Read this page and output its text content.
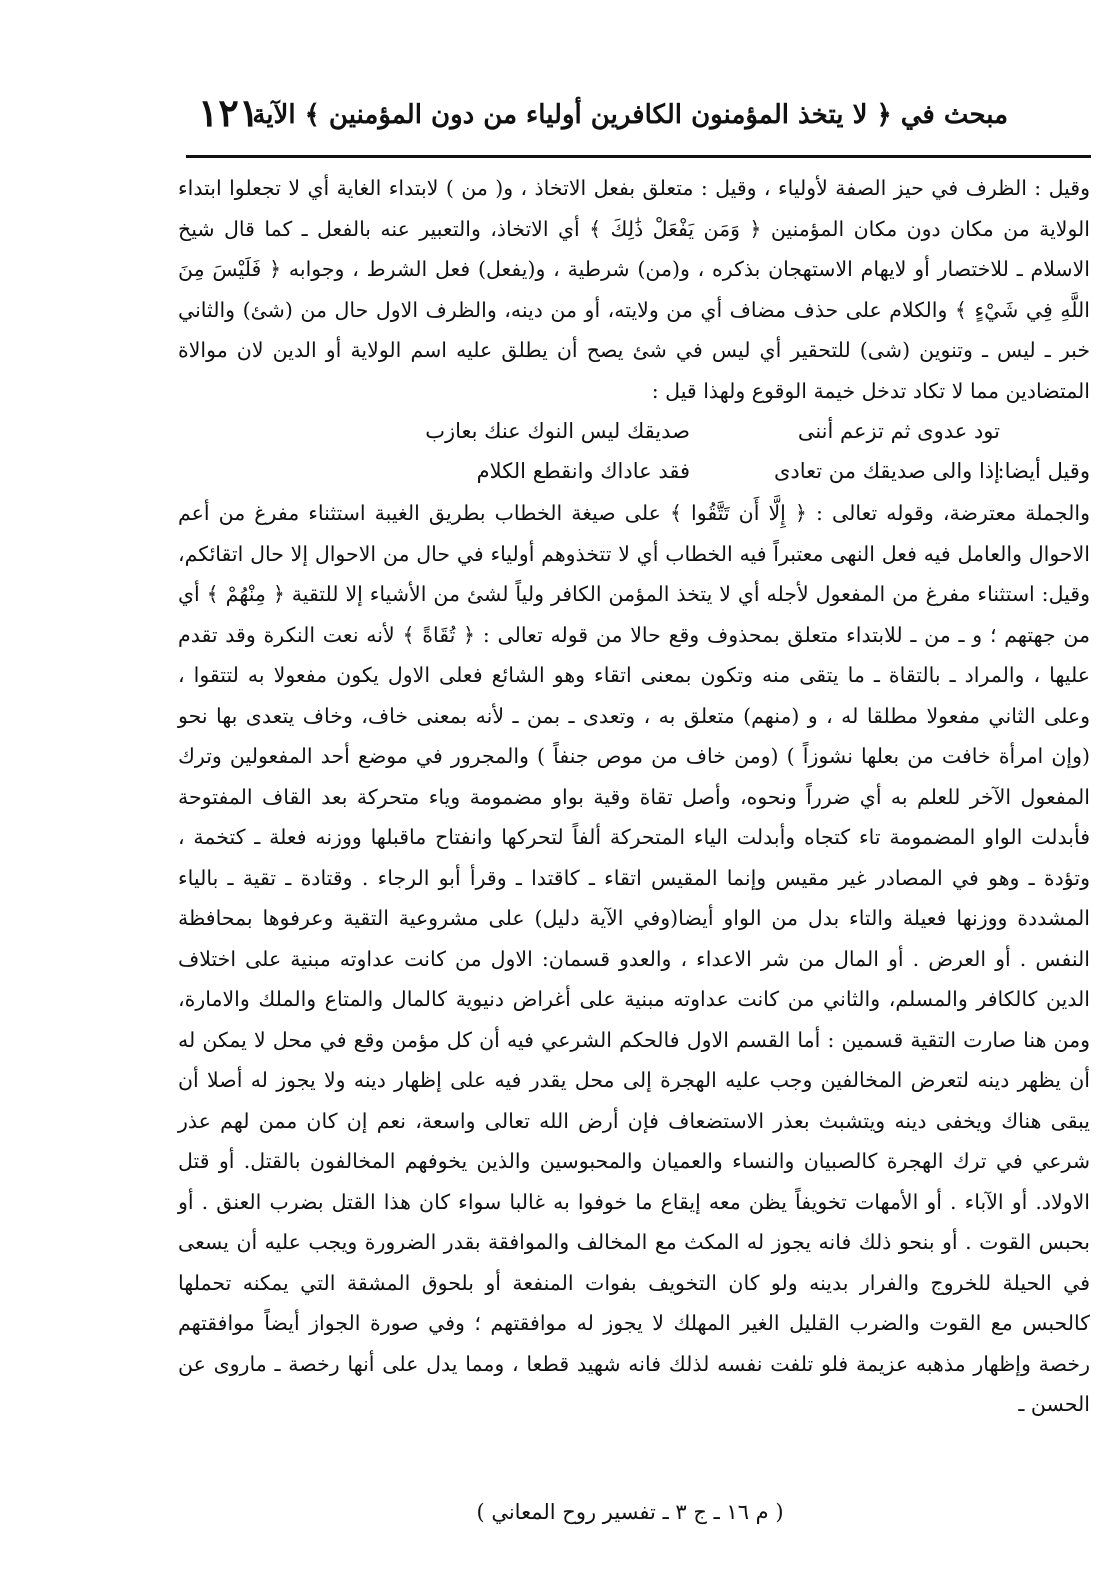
مبحث في ﴿ لا يتخذ المؤمنون الكافرين أولياء من دون المؤمنين ﴾ الآية
١٢١

وقيل : الظرف في حيز الصفة لأولياء ، وقيل : متعلق بفعل الاتخاذ ، و( من ) لابتداء الغاية أي لا تجعلوا ابتداء الولاية من مكان دون مكان المؤمنين ﴿ وَمَن يَفْعَلْ ذَٰلِكَ ﴾ أي الاتخاذ، والتعبير عنه بالفعل ـ كما قال شيخ الاسلام ـ للاختصار أو لايهام الاستهجان بذكره ، و(من) شرطية ، و(يفعل) فعل الشرط ، وجوابه ﴿ فَلَيْسَ مِنَ اللَّهِ فِي شَيْءٍ ﴾ والكلام على حذف مضاف أي من ولايته، أو من دينه، والظرف الاول حال من (شئ) والثاني خبر ـ ليس ـ وتنوين (شى) للتحقير أي ليس في شئ يصح أن يطلق عليه اسم الولاية أو الدين لان موالاة المتضادين مما لا تكاد تدخل خيمة الوقوع ولهذا قيل :

تود عدوى ثم تزعم أننى
صديقك ليس النوك عنك بعازب
وقيل أيضا:
إذا والى صديقك من تعادى
فقد عاداك وانقطع الكلام

والجملة معترضة، وقوله تعالى : ﴿ إِلَّا أَن تَتَّقُوا ﴾ على صيغة الخطاب بطريق الغيبة استثناء مفرغ من أعم الاحوال والعامل فيه فعل النهى معتبراً فيه الخطاب أي لا تتخذوهم أولياء في حال من الاحوال إلا حال اتقائكم، وقيل: استثناء مفرغ من المفعول لأجله أي لا يتخذ المؤمن الكافر ولياً لشئ من الأشياء إلا للتقية ﴿ مِنْهُمْ ﴾ أي من جهتهم ؛ و ـ من ـ للابتداء متعلق بمحذوف وقع حالا من قوله تعالى : ﴿ تُقَاةً ﴾ لأنه نعت النكرة وقد تقدم عليها ، والمراد ـ بالتقاة ـ ما يتقى منه وتكون بمعنى اتقاء وهو الشائع فعلى الاول يكون مفعولا به لتتقوا ، وعلى الثاني مفعولا مطلقا له ، و (منهم) متعلق به ، وتعدى ـ بمن ـ لأنه بمعنى خاف، وخاف يتعدى بها نحو (وإن امرأة خافت من بعلها نشوزاً ) (ومن خاف من موص جنفاً ) والمجرور في موضع أحد المفعولين وترك المفعول الآخر للعلم به أي ضرراً ونحوه، وأصل تقاة وقية بواو مضمومة وياء متحركة بعد القاف المفتوحة فأبدلت الواو المضمومة تاء كتجاه وأبدلت الياء المتحركة ألفاً لتحركها وانفتاح ماقبلها ووزنه فعلة ـ كتخمة ، وتؤدة ـ وهو في المصادر غير مقيس وإنما المقيس اتقاء ـ كاقتدا ـ وقرأ أبو الرجاء . وقتادة ـ تقية ـ بالياء المشددة ووزنها فعيلة والتاء بدل من الواو أيضا(وفي الآية دليل) على مشروعية التقية وعرفوها بمحافظة النفس . أو العرض . أو المال من شر الاعداء ، والعدو قسمان: الاول من كانت عداوته مبنية على اختلاف الدين كالكافر والمسلم، والثاني من كانت عداوته مبنية على أغراض دنيوية كالمال والمتاع والملك والامارة، ومن هنا صارت التقية قسمين : أما القسم الاول فالحكم الشرعي فيه أن كل مؤمن وقع في محل لا يمكن له أن يظهر دينه لتعرض المخالفين وجب عليه الهجرة إلى محل يقدر فيه على إظهار دينه ولا يجوز له أصلا أن يبقى هناك ويخفى دينه ويتشبث بعذر الاستضعاف فإن أرض الله تعالى واسعة، نعم إن كان ممن لهم عذر شرعي في ترك الهجرة كالصبيان والنساء والعميان والمحبوسين والذين يخوفهم المخالفون بالقتل. أو قتل الاولاد. أو الآباء . أو الأمهات تخويفاً يظن معه إيقاع ما خوفوا به غالبا سواء كان هذا القتل بضرب العنق . أو بحبس القوت . أو بنحو ذلك فانه يجوز له المكث مع المخالف والموافقة بقدر الضرورة ويجب عليه أن يسعى في الحيلة للخروج والفرار بدينه ولو كان التخويف بفوات المنفعة أو بلحوق المشقة التي يمكنه تحملها كالحبس مع القوت والضرب القليل الغير المهلك لا يجوز له موافقتهم ؛ وفي صورة الجواز أيضاً موافقتهم رخصة وإظهار مذهبه عزيمة فلو تلفت نفسه لذلك فانه شهيد قطعا ، ومما يدل على أنها رخصة ـ ماروى عن الحسن ـ

( م ١٦ ـ ج ٣ ـ تفسير روح المعاني )
